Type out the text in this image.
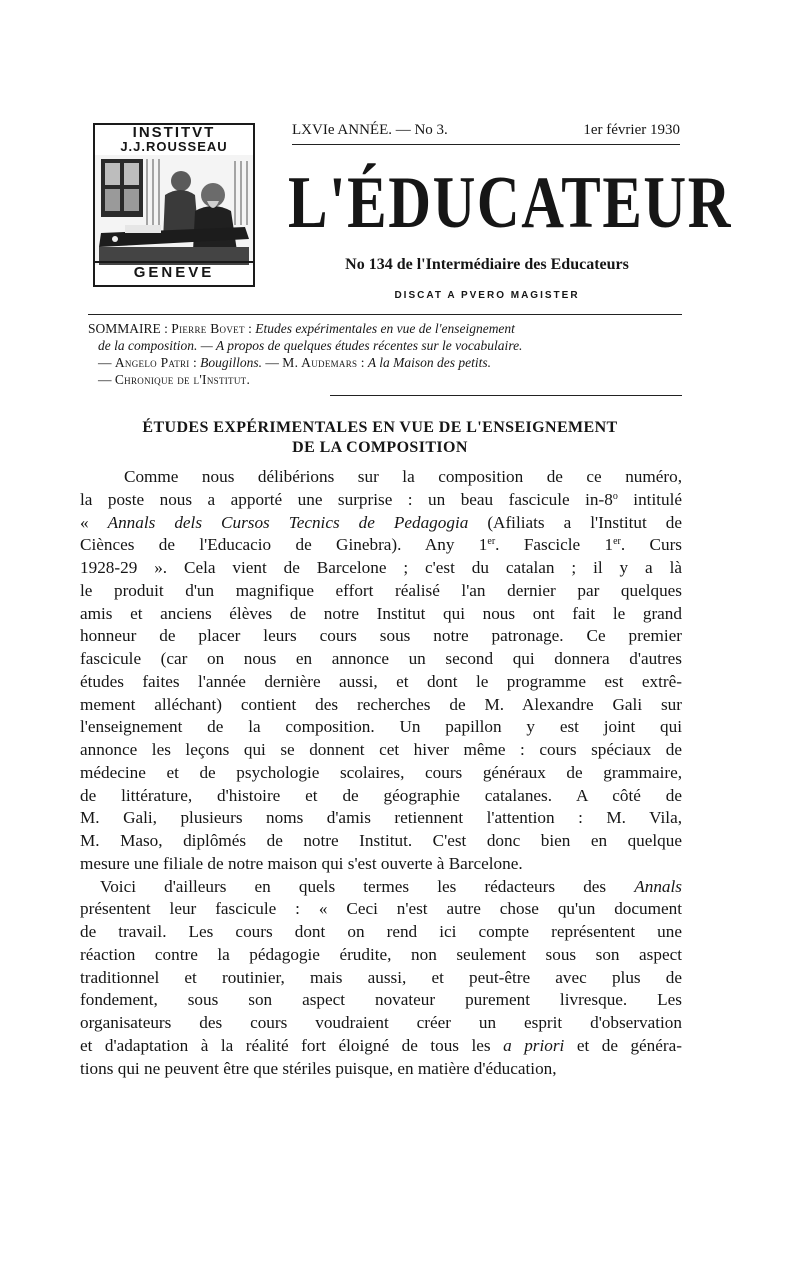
INSTITVT
J.J.ROUSSEAU
GENEVE
LXVIe ANNÉE. — No 3.	1er février 1930
L'ÉDUCATEUR
No 134 de l'Intermédiaire des Educateurs
DISCAT A PVERO MAGISTER
SOMMAIRE : Pierre Bovet : Etudes expérimentales en vue de l'enseignement
de la composition. — A propos de quelques études récentes sur le vocabulaire.
— Angelo Patri : Bougillons. — M. Audemars : A la Maison des petits.
— Chronique de l'Institut.
ÉTUDES EXPÉRIMENTALES EN VUE DE L'ENSEIGNEMENT
DE LA COMPOSITION
Comme nous délibérions sur la composition de ce numéro,
la poste nous a apporté une surprise : un beau fascicule in-8$^o$ intitulé
« Annals dels Cursos Tecnics de Pedagogia (Afiliats a l'Institut de
Ciènces de l'Educacio de Ginebra). Any 1er. Fascicle 1er. Curs
1928-29 ». Cela vient de Barcelone ; c'est du catalan ; il y a là
le produit d'un magnifique effort réalisé l'an dernier par quelques
amis et anciens élèves de notre Institut qui nous ont fait le grand
honneur de placer leurs cours sous notre patronage. Ce premier
fascicule (car on nous en annonce un second qui donnera d'autres
études faites l'année dernière aussi, et dont le programme est extrê-
mement alléchant) contient des recherches de M. Alexandre Gali sur
l'enseignement de la composition. Un papillon y est joint qui
annonce les leçons qui se donnent cet hiver même : cours spéciaux de
médecine et de psychologie scolaires, cours généraux de grammaire,
de littérature, d'histoire et de géographie catalanes. A côté de
M. Gali, plusieurs noms d'amis retiennent l'attention : M. Vila,
M. Maso, diplômés de notre Institut. C'est donc bien en quelque
mesure une filiale de notre maison qui s'est ouverte à Barcelone.
Voici d'ailleurs en quels termes les rédacteurs des Annals
présentent leur fascicule : « Ceci n'est autre chose qu'un document
de travail. Les cours dont on rend ici compte représentent une
réaction contre la pédagogie érudite, non seulement sous son aspect
traditionnel et routinier, mais aussi, et peut-être avec plus de
fondement, sous son aspect novateur purement livresque. Les
organisateurs des cours voudraient créer un esprit d'observation
et d'adaptation à la réalité fort éloigné de tous les a priori et de généra-
tions qui ne peuvent être que stériles puisque, en matière d'éducation,
